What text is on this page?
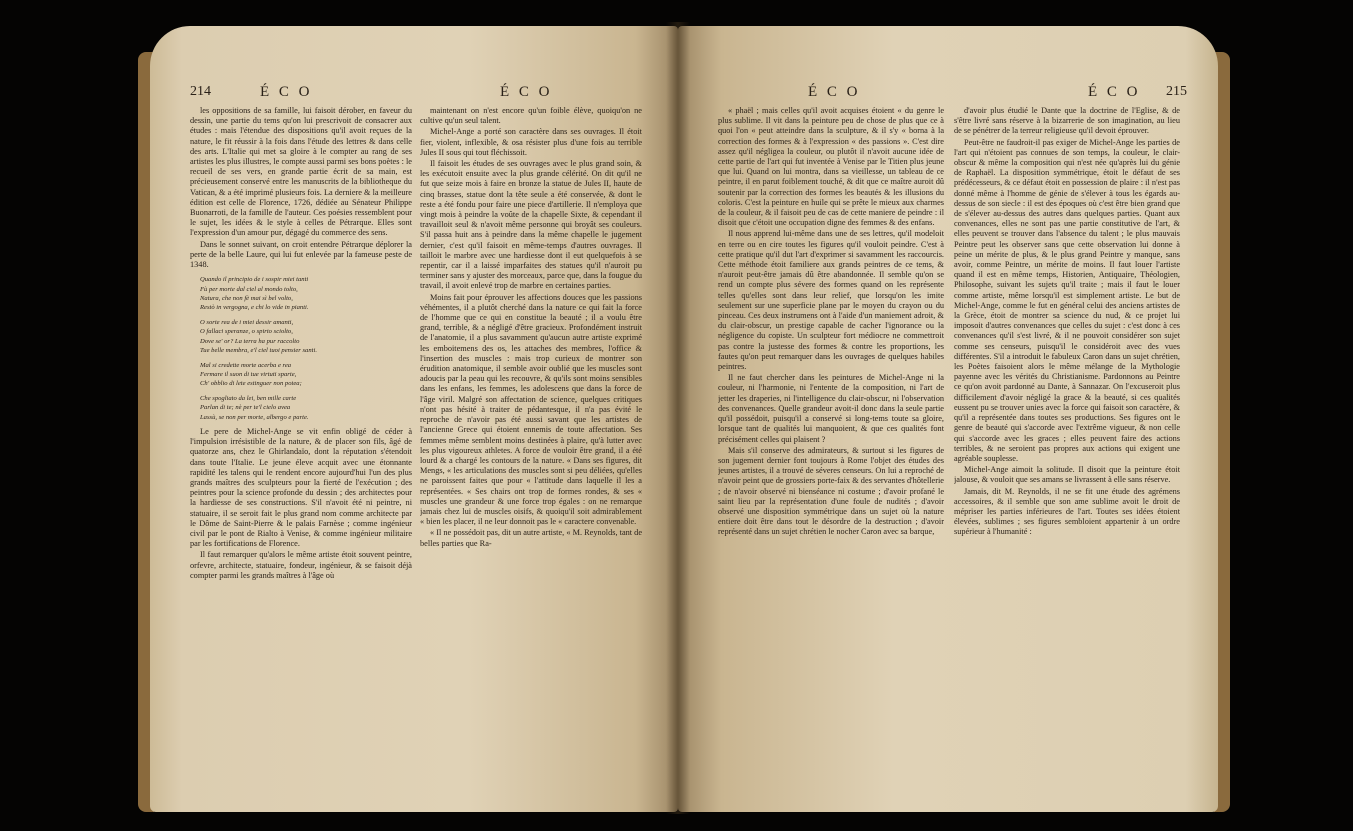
214	É C O	É C O

les oppositions de sa famille, lui faisoit dérober, en faveur du dessin, une partie du tems qu'on lui prescrivoit de consacrer aux études : mais l'étendue des dispositions qu'il avoit reçues de la nature, le fit réussir à la fois dans l'étude des lettres & dans celle des arts. L'Italie qui met sa gloire à le compter au rang de ses artistes les plus illustres, le compte aussi parmi ses bons poètes : le recueil de ses vers, en grande partie écrit de sa main, est précieusement conservé entre les manuscrits de la bibliotheque du Vatican, & a été imprimé plusieurs fois. La derniere & la meilleure édition est celle de Florence, 1726, dédiée au Sénateur Philippe Buonarroti, de la famille de l'auteur. Ces poésies ressemblent pour le sujet, les idées & le style à celles de Pétrarque. Elles sont l'expression d'un amour pur, dégagé du commerce des sens.

Dans le sonnet suivant, on croit entendre Pétrarque déplorer la perte de la belle Laure, qui lui fut enlevée par la fameuse peste de 1348.

Quando il principio de i sospir miei tanti
Fù per morte dal ciel al mondo tolto,
Natura, che non fè mai sì bel volto,
Restò in vergogna, e chi lo vide in pianti.
O sorte rea de i miei dessir amanti,
O fallaci speranze, o spirto sciolto,
Dove se' or? La terra ha pur raccolto
Tue belle membra, e'l ciel tuoi pensier santi.
Mal si credette morte acerba e rea
Fermare il suon di tue virtuti sparte,
Ch' obblio di lete estinguer non potea;
Che spogliato da lei, ben mille carte
Parlan di te; nè per te'l cielo avea
Lassù, se non per morte, albergo e parte.

Le pere de Michel-Ange se vit enfin obligé de céder à l'impulsion irrésistible de la nature, & de placer son fils, âgé de quatorze ans, chez le Ghirlandaïo, dont la réputation s'étendoit dans toute l'Italie. Le jeune éleve acquit avec une étonnante rapidité les talens qui le rendent encore aujourd'hui l'un des plus grands maîtres des sculpteurs pour la fierté de l'exécution ; des peintres pour la science profonde du dessin ; des architectes pour la hardiesse de ses constructions. S'il n'avoit été ni peintre, ni statuaire, il se seroit fait le plus grand nom comme architecte par le Dôme de Saint-Pierre & le palais Farnèse ; comme ingénieur civil par le pont de Rialto à Venise, & comme ingénieur militaire par les fortifications de Florence.

Il faut remarquer qu'alors le même artiste étoit souvent peintre, orfevre, architecte, statuaire, fondeur, ingénieur, & se faisoit déjà compter parmi les grands maîtres à l'âge où

maintenant on n'est encore qu'un foible élève, quoiqu'on ne cultive qu'un seul talent.

Michel-Ange a porté son caractère dans ses ouvrages. Il étoit fier, violent, inflexible, & osa résister plus d'une fois au terrible Jules II sous qui tout fléchissoit.

Il faisoit les études de ses ouvrages avec le plus grand soin, & les exécutoit ensuite avec la plus grande célérité. On dit qu'il ne fut que seize mois à faire en bronze la statue de Jules II, haute de cinq brasses, statue dont la tête seule a été conservée, & dont le reste a été fondu pour faire une piece d'artillerie. Il n'employa que vingt mois à peindre la voûte de la chapelle Sixte, & cependant il travailloit seul & n'avoit même personne qui broyât ses couleurs. S'il passa huit ans à peindre dans la même chapelle le jugement dernier, c'est qu'il faisoit en même-temps d'autres ouvrages. Il tailloit le marbre avec une hardiesse dont il eut quelquefois à se repentir, car il a laissé imparfaites des statues qu'il n'auroit pu terminer sans y ajuster des morceaux, parce que, dans la fougue du travail, il avoit enlevé trop de marbre en certaines parties.

Moins fait pour éprouver les affections douces que les passions véhémentes, il a plutôt cherché dans la nature ce qui fait la force de l'homme que ce qui en constitue la beauté ; il a voulu être grand, terrible, & a négligé d'être gracieux. Profondément instruit de l'anatomie, il a plus savamment qu'aucun autre artiste exprimé les emboitemens des os, les attaches des membres, l'office & l'insertion des muscles : mais trop curieux de montrer son érudition anatomique, il semble avoir oublié que les muscles sont adoucis par la peau qui les recouvre, & qu'ils sont moins sensibles dans les enfans, les femmes, les adolescens que dans la force de l'âge viril. Malgré son affectation de science, quelques critiques n'ont pas hésité à traiter de pédantesque, il n'a pas évité le reproche de n'avoir pas été aussi savant que les artistes de l'ancienne Grece qui étoient ennemis de toute affectation. Ses femmes même semblent moins destinées à plaire, qu'à lutter avec les plus vigoureux athletes. A force de vouloir être grand, il a été lourd & a chargé les contours de la nature. « Dans ses figures, dit Mengs, « les articulations des muscles sont si peu déliées, qu'elles ne paroissent faites que pour « l'attitude dans laquelle il les a représentées. « Ses chairs ont trop de formes rondes, & ses « muscles une grandeur & une force trop égales : on ne remarque jamais chez lui de muscles oisifs, & quoiqu'il soit admirablement « bien les placer, il ne leur donnoit pas le « caractere convenable.

« Il ne possédoit pas, dit un autre artiste, « M. Reynolds, tant de belles parties que Ra-

É C O	É C O 215

« phaël ; mais celles qu'il avoit acquises étoient « du genre le plus sublime. Il vit dans la peinture peu de chose de plus que ce à quoi l'on « peut atteindre dans la sculpture, & il s'y « borna à la correction des formes & à l'expression « des passions ». C'est dire assez qu'il négligea la couleur, ou plutôt il n'avoit aucune idée de cette partie de l'art qui fut inventée à Venise par le Titien plus jeune que lui. Quand on lui montra, dans sa vieillesse, un tableau de ce peintre, il en parut foiblement touché, & dit que ce maître auroit dû soutenir par la correction des formes les beautés & les illusions du coloris. C'est la peinture en huile qui se prête le mieux aux charmes de la couleur, & il faisoit peu de cas de cette maniere de peindre : il disoit que c'étoit une occupation digne des femmes & des enfans.

Il nous apprend lui-même dans une de ses lettres, qu'il modeloit en terre ou en cire toutes les figures qu'il vouloit peindre. C'est à cette pratique qu'il dut l'art d'exprimer si savamment les raccourcis. Cette méthode étoit familiere aux grands peintres de ce tems, & n'auroit peut-être jamais dû être abandonnée. Il semble qu'on se rend un compte plus sévere des formes quand on les représente telles qu'elles sont dans leur relief, que lorsqu'on les imite seulement sur une superficie plane par le moyen du crayon ou du pinceau. Ces deux instrumens ont à l'aide d'un maniement adroit, & du clair-obscur, un prestige capable de cacher l'ignorance ou la négligence du copiste. Un sculpteur fort médiocre ne commettroit pas contre la justesse des formes & contre les proportions, les fautes qu'on peut remarquer dans les ouvrages de quelques habiles peintres.

Il ne faut chercher dans les peintures de Michel-Ange ni la couleur, ni l'harmonie, ni l'entente de la composition, ni l'art de jetter les draperies, ni l'intelligence du clair-obscur, ni l'observation des convenances. Quelle grandeur avoit-il donc dans la seule partie qu'il possédoit, puisqu'il a conservé si long-tems toute sa gloire, lorsque tant de qualités lui manquoient, & que ces qualités font précisément celles qui plaisent ?

Mais s'il conserve des admirateurs, & surtout si les figures de son jugement dernier font toujours à Rome l'objet des études des jeunes artistes, il a trouvé de séveres censeurs. On lui a reproché de n'avoir peint que de grossiers porte-faix & des servantes d'hôtellerie ; de n'avoir observé ni bienséance ni costume ; d'avoir profané le saint lieu par la représentation d'une foule de nudités ; d'avoir observé une disposition symmétrique dans un sujet où la nature entiere doit être dans tout le désordre de la destruction ; d'avoir représenté dans un sujet chrétien le nocher Caron avec sa barque,

d'avoir plus étudié le Dante que la doctrine de l'Eglise, & de s'être livré sans réserve à la bizarrerie de son imagination, au lieu de se pénétrer de la terreur religieuse qu'il devoit éprouver.

Peut-être ne faudroit-il pas exiger de Michel-Ange les parties de l'art qui n'étoient pas connues de son temps, la couleur, le clair-obscur & même la composition qui n'est née qu'après lui du génie de Raphaël. La disposition symmétrique, étoit le défaut de ses prédécesseurs, & ce défaut étoit en possession de plaire : il n'est pas donné même à l'homme de génie de s'élever à tous les égards au-dessus de son siecle : il est des époques où c'est être bien grand que de s'élever au-dessus des autres dans quelques parties. Quant aux convenances, elles ne sont pas une partie constitutive de l'art, & elles peuvent se trouver dans l'absence du talent ; le plus mauvais Peintre peut les observer sans que cette observation lui donne à peine un mérite de plus, & le plus grand Peintre y manque, sans avoir, comme Peintre, un mérite de moins. Il faut louer l'artiste quand il est en même temps, Historien, Antiquaire, Théologien, Philosophe, suivant les sujets qu'il traite ; mais il faut le louer comme artiste, même lorsqu'il est simplement artiste. Le but de Michel-Ange, comme le fut en général celui des anciens artistes de la Grèce, étoit de montrer sa science du nud, & ce projet lui imposoit d'autres convenances que celles du sujet : c'est donc à ces convenances qu'il s'est livré, & il ne pouvoit considérer son sujet comme ses censeurs, puisqu'il le considéroit avec des vues différentes. S'il a introduit le fabuleux Caron dans un sujet chrétien, les Poètes faisoient alors le même mélange de la Mythologie payenne avec les vérités du Christianisme. Pardonnons au Peintre ce qu'on avoit pardonné au Dante, à Sannazar. On l'excuseroit plus difficilement d'avoir négligé la grace & la beauté, si ces qualités eussent pu se trouver unies avec la force qui faisoit son caractère, & qu'il a représentée dans toutes ses productions. Ses figures ont le genre de beauté qui s'accorde avec l'extrême vigueur, & non celle qui s'accorde avec les graces ; elles peuvent faire des actions terribles, & ne seroient pas propres aux actions qui exigent une agréable souplesse.

Michel-Ange aimoit la solitude. Il disoit que la peinture étoit jalouse, & vouloit que ses amans se livrassent à elle sans réserve.

Jamais, dit M. Reynolds, il ne se fit une étude des agrémens accessoires, & il semble que son ame sublime avoit le droit de mépriser les parties inférieures de l'art. Toutes ses idées étoient élevées, sublimes ; ses figures sembloient appartenir à un ordre supérieur à l'humanité :
